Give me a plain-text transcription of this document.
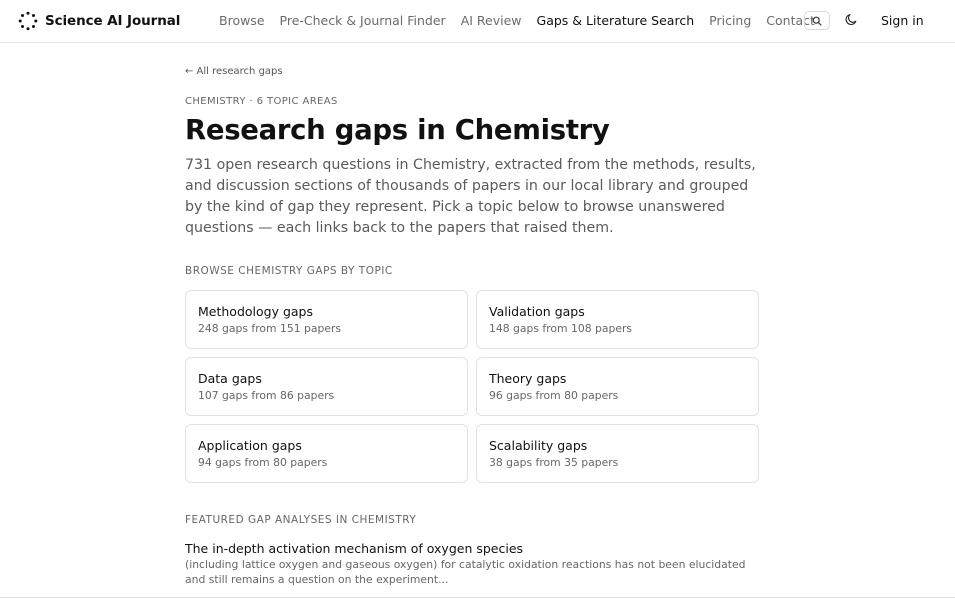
Science AI Journal	Browse Pre-Check & Journal Finder AI Review Gaps & Literature Search Pricing Contact	Sign in
← All research gaps
CHEMISTRY · 6 TOPIC AREAS
Research gaps in Chemistry

731 open research questions in Chemistry, extracted from the methods, results, and discussion sections of thousands of papers in our local library and grouped by the kind of gap they represent. Pick a topic below to browse unanswered questions — each links back to the papers that raised them.

BROWSE CHEMISTRY GAPS BY TOPIC
Methodology gaps
248 gaps from 151 papers
Validation gaps
148 gaps from 108 papers
Data gaps
107 gaps from 86 papers
Theory gaps
96 gaps from 80 papers
Application gaps
94 gaps from 80 papers
Scalability gaps
38 gaps from 35 papers
FEATURED GAP ANALYSES IN CHEMISTRY
The in-depth activation mechanism of oxygen species

(including lattice oxygen and gaseous oxygen) for catalytic oxidation reactions has not been elucidated and still remains a question on the experiment...
